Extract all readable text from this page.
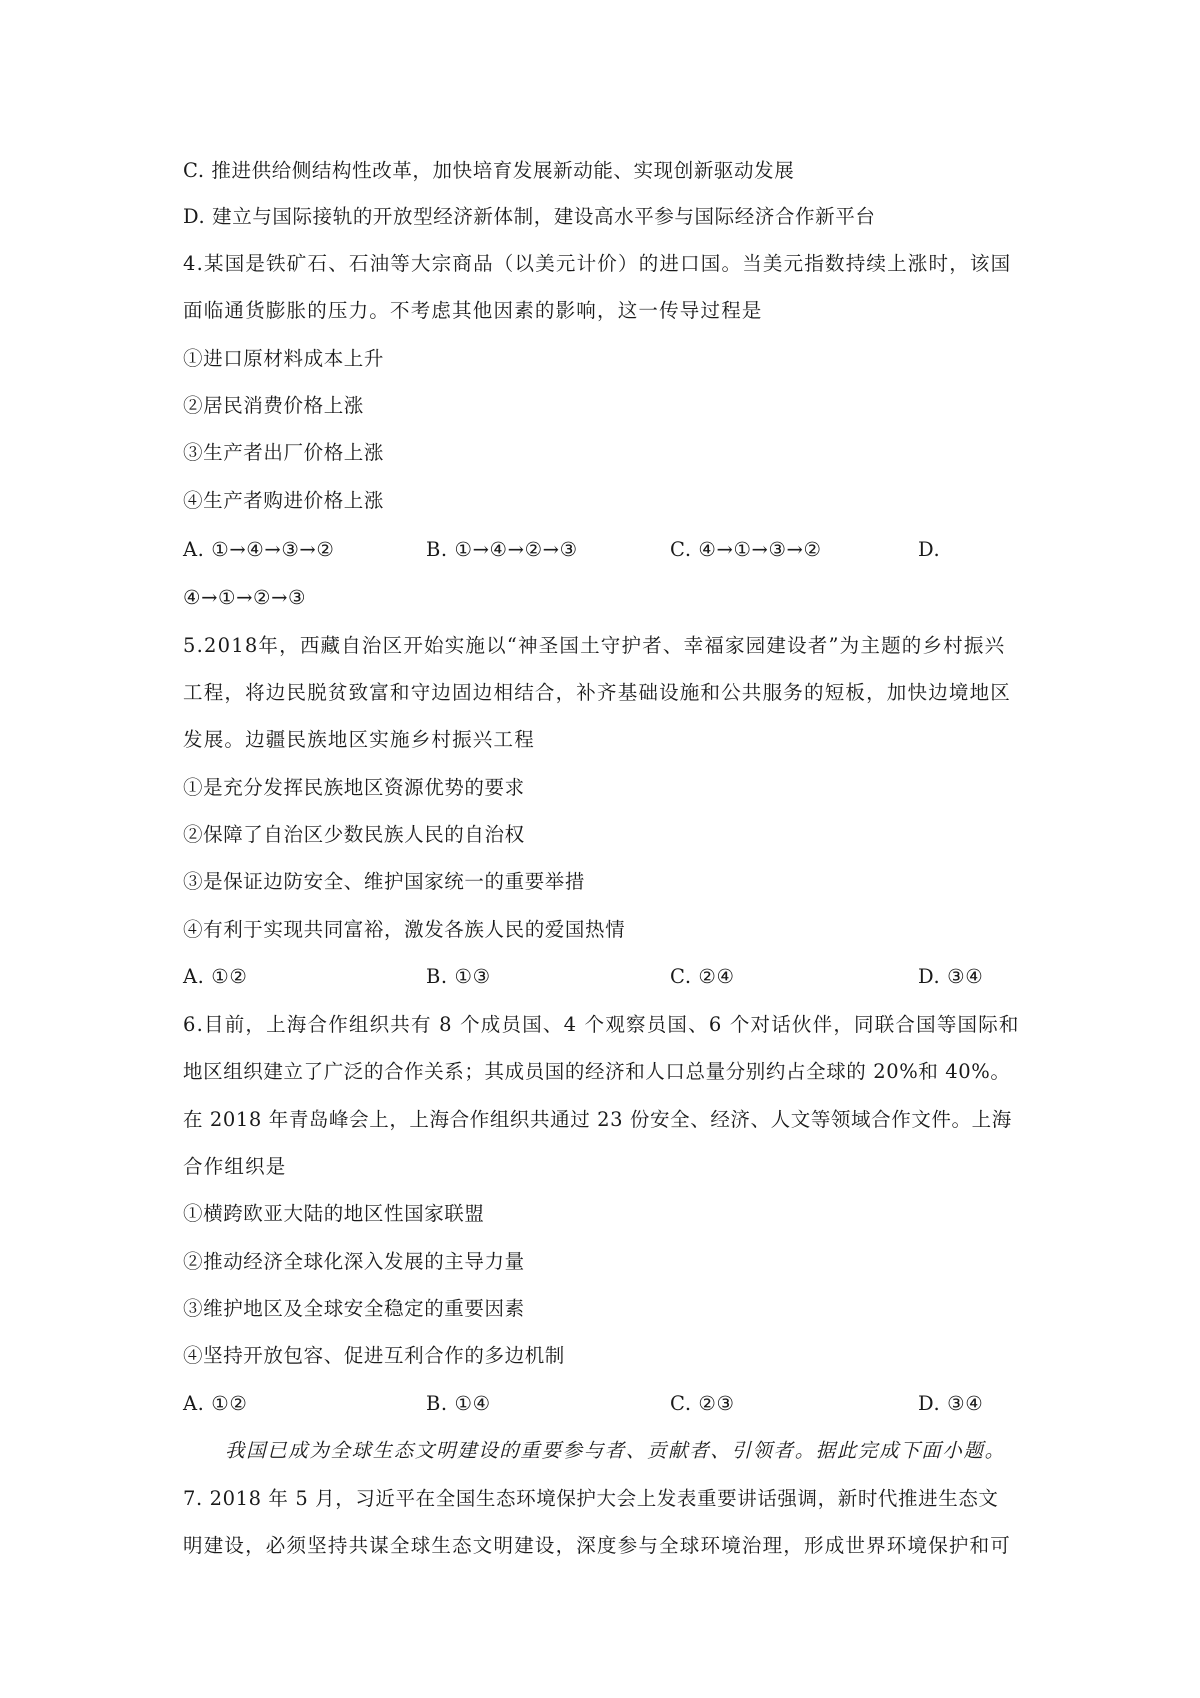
C. 推进供给侧结构性改革，加快培育发展新动能、实现创新驱动发展
D. 建立与国际接轨的开放型经济新体制，建设高水平参与国际经济合作新平台
4.某国是铁矿石、石油等大宗商品（以美元计价）的进口国。当美元指数持续上涨时，该国
面临通货膨胀的压力。不考虑其他因素的影响，这一传导过程是
①进口原材料成本上升
②居民消费价格上涨
③生产者出厂价格上涨
④生产者购进价格上涨
A. ①→④→③→②	B. ①→④→②→③	C. ④→①→③→②	D.
④→①→②→③
5.2018年，西藏自治区开始实施以“神圣国土守护者、幸福家园建设者”为主题的乡村振兴
工程，将边民脱贫致富和守边固边相结合，补齐基础设施和公共服务的短板，加快边境地区
发展。边疆民族地区实施乡村振兴工程
①是充分发挥民族地区资源优势的要求
②保障了自治区少数民族人民的自治权
③是保证边防安全、维护国家统一的重要举措
④有利于实现共同富裕，激发各族人民的爱国热情
A. ①②	B. ①③	C. ②④	D. ③④
6.目前，上海合作组织共有 8 个成员国、4 个观察员国、6 个对话伙伴，同联合国等国际和
地区组织建立了广泛的合作关系；其成员国的经济和人口总量分别约占全球的 20%和 40%。
在 2018 年青岛峰会上，上海合作组织共通过 23 份安全、经济、人文等领域合作文件。上海
合作组织是
①横跨欧亚大陆的地区性国家联盟
②推动经济全球化深入发展的主导力量
③维护地区及全球安全稳定的重要因素
④坚持开放包容、促进互利合作的多边机制
A. ①②	B. ①④	C. ②③	D. ③④
我国已成为全球生态文明建设的重要参与者、贡献者、引领者。据此完成下面小题。
7. 2018 年 5 月，习近平在全国生态环境保护大会上发表重要讲话强调，新时代推进生态文
明建设，必须坚持共谋全球生态文明建设，深度参与全球环境治理，形成世界环境保护和可
